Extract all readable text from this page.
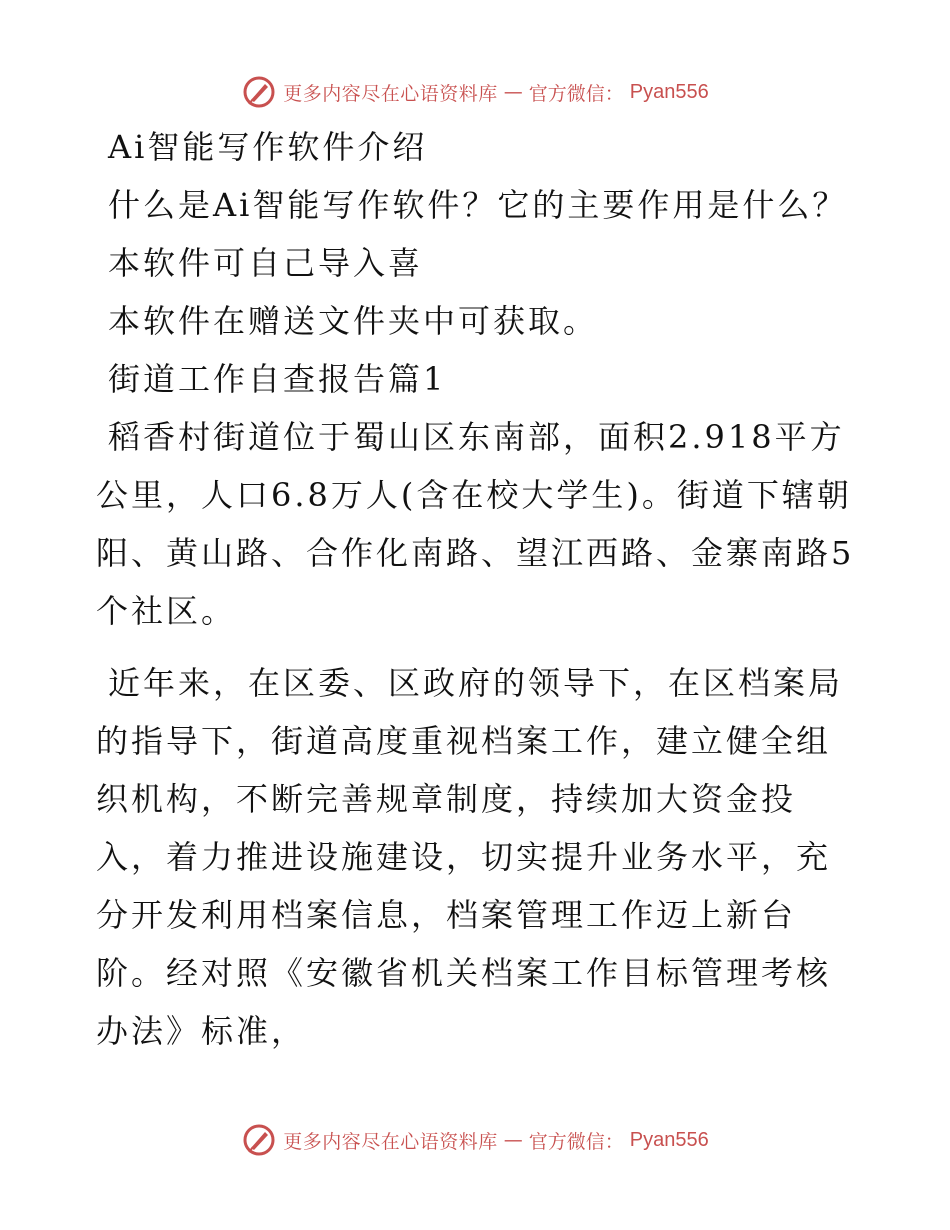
更多内容尽在心语资料库 — 官方微信： Pyan556

Ai智能写作软件介绍

什么是Ai智能写作软件？它的主要作用是什么？

本软件可自己导入喜

本软件在赠送文件夹中可获取。

街道工作自查报告篇1

稻香村街道位于蜀山区东南部，面积2.918平方公里，人口6.8万人(含在校大学生)。街道下辖朝阳、黄山路、合作化南路、望江西路、金寨南路5个社区。

近年来，在区委、区政府的领导下，在区档案局的指导下，街道高度重视档案工作，建立健全组织机构，不断完善规章制度，持续加大资金投入，着力推进设施建设，切实提升业务水平，充分开发利用档案信息，档案管理工作迈上新台阶。经对照《安徽省机关档案工作目标管理考核办法》标准，

更多内容尽在心语资料库 — 官方微信： Pyan556
